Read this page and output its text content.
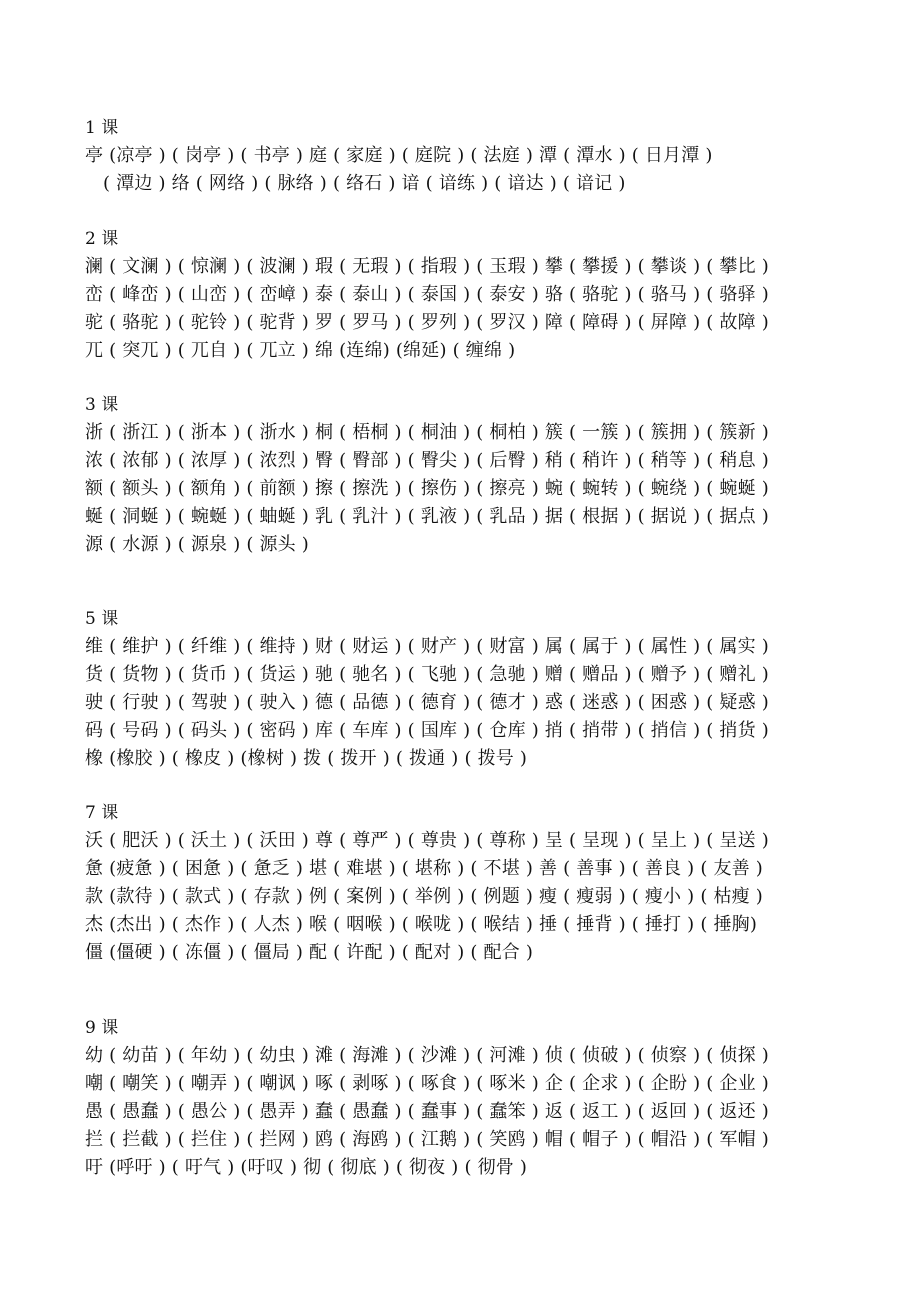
1 课
亭 (凉亭 ) ( 岗亭 ) ( 书亭 ) 庭 ( 家庭 ) ( 庭院 ) ( 法庭 ) 潭 ( 潭水 ) ( 日月潭 )
( 潭边 ) 络 ( 网络 ) ( 脉络 ) ( 络石 ) 谙 ( 谙练 ) ( 谙达 ) ( 谙记 )
2 课
澜 ( 文澜 ) ( 惊澜 ) ( 波澜 ) 瑕 ( 无瑕 ) ( 指瑕 ) ( 玉瑕 ) 攀 ( 攀援 ) ( 攀谈 ) ( 攀比 )
峦 ( 峰峦 ) ( 山峦 ) ( 峦嶂 ) 泰 ( 泰山 ) ( 泰国 ) ( 泰安 ) 骆 ( 骆驼 ) ( 骆马 ) ( 骆驿 )
驼 ( 骆驼 ) ( 驼铃 ) ( 驼背 ) 罗 ( 罗马 ) ( 罗列 ) ( 罗汉 ) 障 ( 障碍 ) ( 屏障 ) ( 故障 )
兀 ( 突兀 ) ( 兀自 ) ( 兀立 ) 绵 (连绵) (绵延) ( 缠绵 )
3 课
浙 ( 浙江 ) ( 浙本 ) ( 浙水 ) 桐 ( 梧桐 ) ( 桐油 ) ( 桐柏 ) 簇 ( 一簇 ) ( 簇拥 ) ( 簇新 )
浓 ( 浓郁 ) ( 浓厚 ) ( 浓烈 ) 臀 ( 臀部 ) ( 臀尖 ) ( 后臀 ) 稍 ( 稍许 ) ( 稍等 ) ( 稍息 )
额 ( 额头 ) ( 额角 ) ( 前额 ) 擦 ( 擦洗 ) ( 擦伤 ) ( 擦亮 ) 蜿 ( 蜿转 ) ( 蜿绕 ) ( 蜿蜒 )
蜒 ( 洞蜒 ) ( 蜿蜒 ) ( 蚰蜒 ) 乳 ( 乳汁 ) ( 乳液 ) ( 乳品 ) 据 ( 根据 ) ( 据说 ) ( 据点 )
源 ( 水源 ) ( 源泉 ) ( 源头 )
5 课
维 ( 维护 ) ( 纤维 ) ( 维持 ) 财 ( 财运 ) ( 财产 ) ( 财富 ) 属 ( 属于 ) ( 属性 ) ( 属实 )
货 ( 货物 ) ( 货币 ) ( 货运 ) 驰 ( 驰名 ) ( 飞驰 ) ( 急驰 ) 赠 ( 赠品 ) ( 赠予 ) ( 赠礼 )
驶 ( 行驶 ) ( 驾驶 ) ( 驶入 ) 德 ( 品德 ) ( 德育 ) ( 德才 ) 惑 ( 迷惑 ) ( 困惑 ) ( 疑惑 )
码 ( 号码 ) ( 码头 ) ( 密码 ) 库 ( 车库 ) ( 国库 ) ( 仓库 ) 捎 ( 捎带 ) ( 捎信 ) ( 捎货 )
橡 (橡胶 ) ( 橡皮 ) (橡树 ) 拨 ( 拨开 ) ( 拨通 ) ( 拨号 )
7 课
沃 ( 肥沃 ) ( 沃土 ) ( 沃田 ) 尊 ( 尊严 ) ( 尊贵 ) ( 尊称 ) 呈 ( 呈现 ) ( 呈上 ) ( 呈送 )
惫 (疲惫 ) ( 困惫 ) ( 惫乏 ) 堪 ( 难堪 ) ( 堪称 ) ( 不堪 ) 善 ( 善事 ) ( 善良 ) ( 友善 )
款 (款待 ) ( 款式 ) ( 存款 ) 例 ( 案例 ) ( 举例 ) ( 例题 ) 瘦 ( 瘦弱 ) ( 瘦小 ) ( 枯瘦 )
杰 (杰出 ) ( 杰作 ) ( 人杰 ) 喉 ( 咽喉 ) ( 喉咙 ) ( 喉结 ) 捶 ( 捶背 ) ( 捶打 ) ( 捶胸)
僵 (僵硬 ) ( 冻僵 ) ( 僵局 ) 配 ( 许配 ) ( 配对 ) ( 配合 )
9 课
幼 ( 幼苗 ) ( 年幼 ) ( 幼虫 ) 滩 ( 海滩 ) ( 沙滩 ) ( 河滩 ) 侦 ( 侦破 ) ( 侦察 ) ( 侦探 )
嘲 ( 嘲笑 ) ( 嘲弄 ) ( 嘲讽 ) 啄 ( 剥啄 ) ( 啄食 ) ( 啄米 ) 企 ( 企求 ) ( 企盼 ) ( 企业 )
愚 ( 愚蠢 ) ( 愚公 ) ( 愚弄 ) 蠢 ( 愚蠢 ) ( 蠢事 ) ( 蠢笨 ) 返 ( 返工 ) ( 返回 ) ( 返还 )
拦 ( 拦截 ) ( 拦住 ) ( 拦网 ) 鸥 ( 海鸥 ) ( 江鹅 ) ( 笑鸥 ) 帽 ( 帽子 ) ( 帽沿 ) ( 军帽 )
吁 (呼吁 ) ( 吁气 ) (吁叹 ) 彻 ( 彻底 ) ( 彻夜 ) ( 彻骨 )
